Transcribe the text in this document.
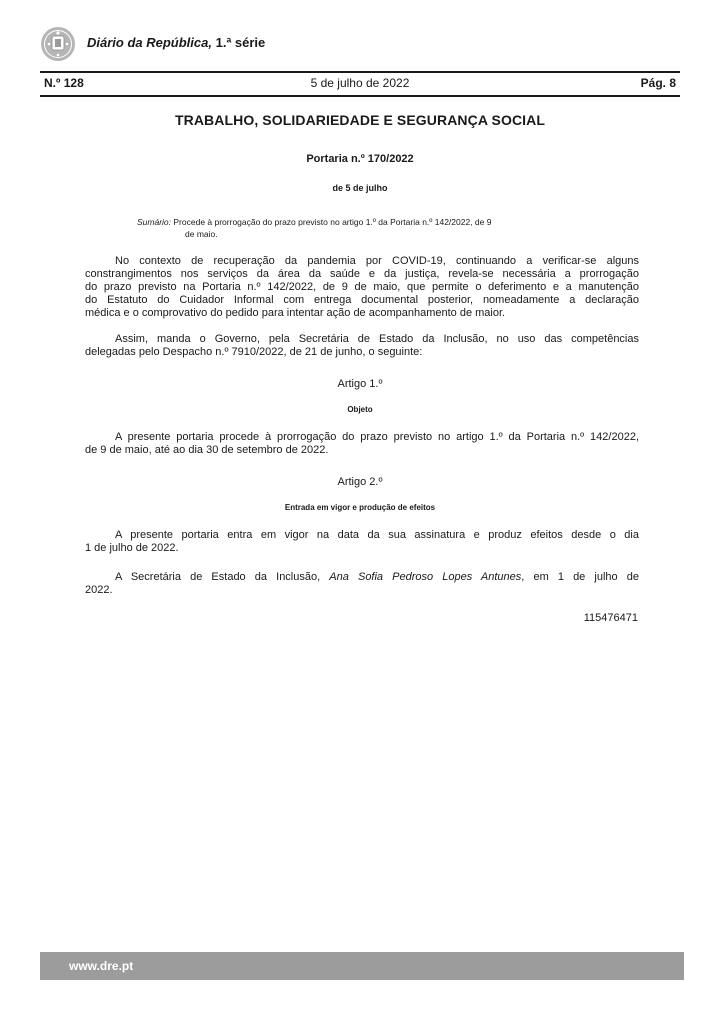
Diário da República, 1.ª série
N.º 128	5 de julho de 2022	Pág. 8
TRABALHO, SOLIDARIEDADE E SEGURANÇA SOCIAL
Portaria n.º 170/2022
de 5 de julho
Sumário: Procede à prorrogação do prazo previsto no artigo 1.º da Portaria n.º 142/2022, de 9
de maio.
No contexto de recuperação da pandemia por COVID-19, continuando a verificar-se alguns
constrangimentos nos serviços da área da saúde e da justiça, revela-se necessária a prorrogação
do prazo previsto na Portaria n.º 142/2022, de 9 de maio, que permite o deferimento e a manutenção
do Estatuto do Cuidador Informal com entrega documental posterior, nomeadamente a declaração
médica e o comprovativo do pedido para intentar ação de acompanhamento de maior.
Assim, manda o Governo, pela Secretária de Estado da Inclusão, no uso das competências
delegadas pelo Despacho n.º 7910/2022, de 21 de junho, o seguinte:
Artigo 1.º
Objeto
A presente portaria procede à prorrogação do prazo previsto no artigo 1.º da Portaria n.º 142/2022,
de 9 de maio, até ao dia 30 de setembro de 2022.
Artigo 2.º
Entrada em vigor e produção de efeitos
A presente portaria entra em vigor na data da sua assinatura e produz efeitos desde o dia
1 de julho de 2022.
A Secretária de Estado da Inclusão, Ana Sofia Pedroso Lopes Antunes, em 1 de julho de
2022.
115476471
www.dre.pt
